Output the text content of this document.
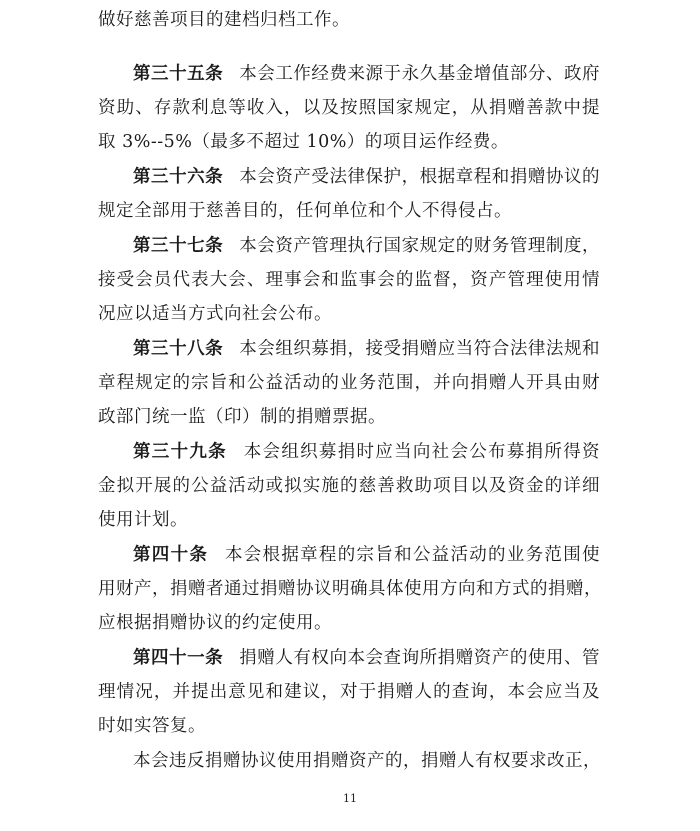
做好慈善项目的建档归档工作。
第三十五条 本会工作经费来源于永久基金增值部分、政府
资助、存款利息等收入，以及按照国家规定，从捐赠善款中提
取 3%--5%（最多不超过 10%）的项目运作经费。
第三十六条 本会资产受法律保护，根据章程和捐赠协议的
规定全部用于慈善目的，任何单位和个人不得侵占。
第三十七条 本会资产管理执行国家规定的财务管理制度，
接受会员代表大会、理事会和监事会的监督，资产管理使用情
况应以适当方式向社会公布。
第三十八条 本会组织募捐，接受捐赠应当符合法律法规和
章程规定的宗旨和公益活动的业务范围，并向捐赠人开具由财
政部门统一监（印）制的捐赠票据。
第三十九条 本会组织募捐时应当向社会公布募捐所得资
金拟开展的公益活动或拟实施的慈善救助项目以及资金的详细
使用计划。
第四十条 本会根据章程的宗旨和公益活动的业务范围使
用财产，捐赠者通过捐赠协议明确具体使用方向和方式的捐赠，
应根据捐赠协议的约定使用。
第四十一条 捐赠人有权向本会查询所捐赠资产的使用、管
理情况，并提出意见和建议，对于捐赠人的查询，本会应当及
时如实答复。
本会违反捐赠协议使用捐赠资产的，捐赠人有权要求改正，
11
